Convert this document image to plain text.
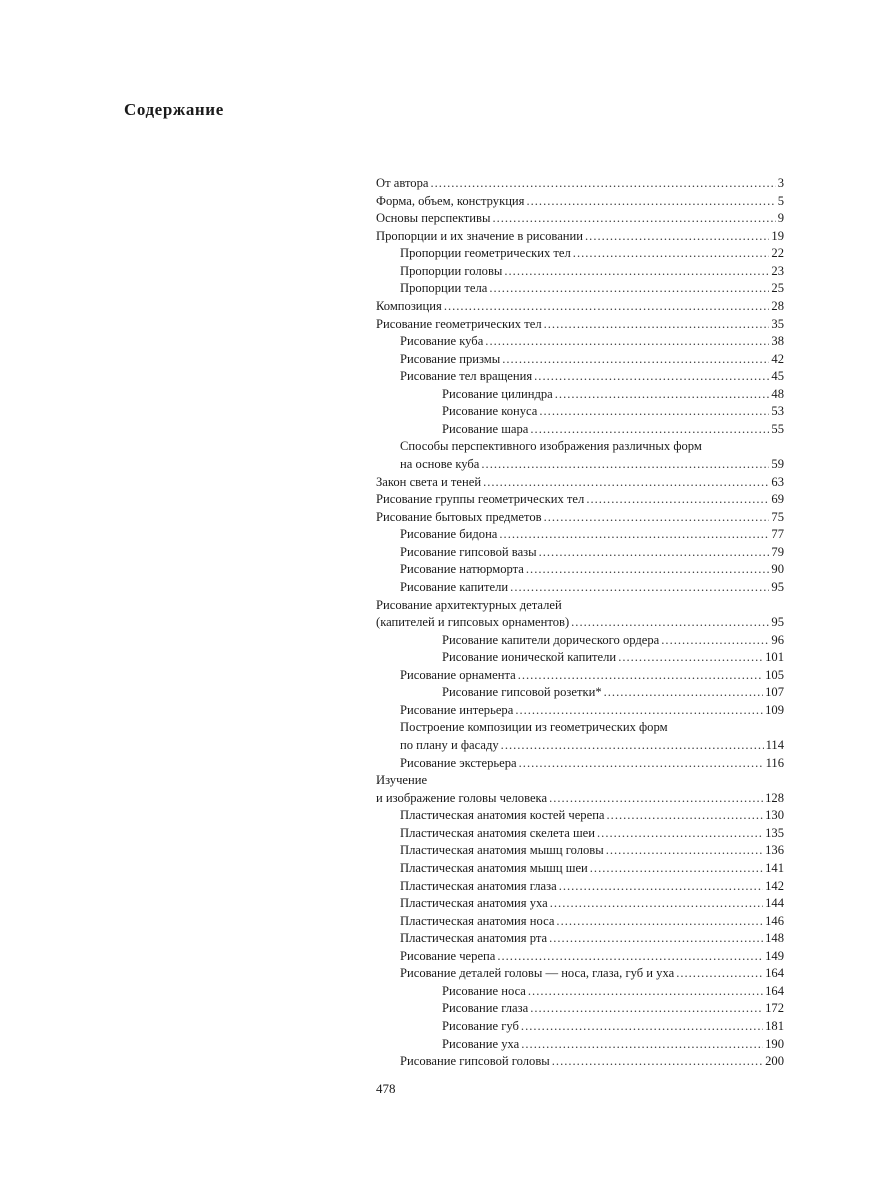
Содержание
От автора .....	3
Форма, объем, конструкция .....	5
Основы перспективы .....	9
Пропорции и их значение в рисовании .....	19
Пропорции геометрических тел .....	22
Пропорции головы .....	23
Пропорции тела .....	25
Композиция .....	28
Рисование геометрических тел .....	35
Рисование куба .....	38
Рисование призмы .....	42
Рисование тел вращения .....	45
Рисование цилиндра .....	48
Рисование конуса .....	53
Рисование шара .....	55
Способы перспективного изображения различных форм
на основе куба .....	59
Закон света и теней .....	63
Рисование группы геометрических тел .....	69
Рисование бытовых предметов .....	75
Рисование бидона .....	77
Рисование гипсовой вазы .....	79
Рисование натюрморта .....	90
Рисование капители .....	95
Рисование архитектурных деталей
(капителей и гипсовых орнаментов) .....	95
Рисование капители дорического ордера .....	96
Рисование ионической капители .....	101
Рисование орнамента .....	105
Рисование гипсовой розетки* .....	107
Рисование интерьера .....	109
Построение композиции из геометрических форм
по плану и фасаду .....	114
Рисование экстерьера .....	116
Изучение
и изображение головы человека .....	128
Пластическая анатомия костей черепа .....	130
Пластическая анатомия скелета шеи .....	135
Пластическая анатомия мышц головы .....	136
Пластическая анатомия мышц шеи .....	141
Пластическая анатомия глаза .....	142
Пластическая анатомия уха .....	144
Пластическая анатомия носа .....	146
Пластическая анатомия рта .....	148
Рисование черепа .....	149
Рисование деталей головы — носа, глаза, губ и уха .....	164
Рисование носа .....	164
Рисование глаза .....	172
Рисование губ .....	181
Рисование уха .....	190
Рисование гипсовой головы .....	200
478
